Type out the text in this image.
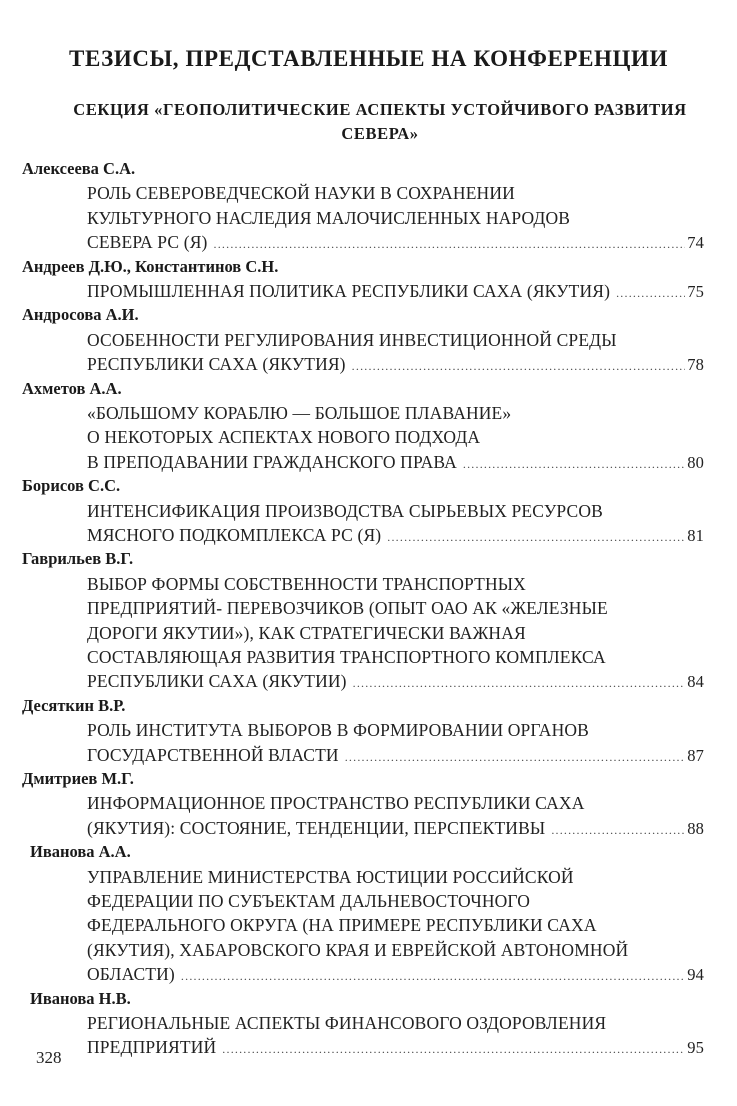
ТЕЗИСЫ, ПРЕДСТАВЛЕННЫЕ НА КОНФЕРЕНЦИИ
СЕКЦИЯ «ГЕОПОЛИТИЧЕСКИЕ АСПЕКТЫ УСТОЙЧИВОГО РАЗВИТИЯ СЕВЕРА»
Алексеева С.А.
РОЛЬ СЕВЕРОВЕДЧЕСКОЙ НАУКИ В СОХРАНЕНИИ
КУЛЬТУРНОГО НАСЛЕДИЯ МАЛОЧИСЛЕННЫХ НАРОДОВ
СЕВЕРА РС (Я) .....	74
Андреев Д.Ю., Константинов С.Н.
ПРОМЫШЛЕННАЯ ПОЛИТИКА РЕСПУБЛИКИ САХА (ЯКУТИЯ) .....	75
Андросова А.И.
ОСОБЕННОСТИ РЕГУЛИРОВАНИЯ ИНВЕСТИЦИОННОЙ СРЕДЫ
РЕСПУБЛИКИ САХА (ЯКУТИЯ) .....	78
Ахметов А.А.
«БОЛЬШОМУ КОРАБЛЮ — БОЛЬШОЕ ПЛАВАНИЕ»
О НЕКОТОРЫХ АСПЕКТАХ НОВОГО ПОДХОДА
В ПРЕПОДАВАНИИ ГРАЖДАНСКОГО ПРАВА .....	80
Борисов С.С.
ИНТЕНСИФИКАЦИЯ ПРОИЗВОДСТВА СЫРЬЕВЫХ РЕСУРСОВ
МЯСНОГО ПОДКОМПЛЕКСА РС (Я) .....	81
Гаврильев В.Г.
ВЫБОР ФОРМЫ СОБСТВЕННОСТИ ТРАНСПОРТНЫХ
ПРЕДПРИЯТИЙ- ПЕРЕВОЗЧИКОВ (ОПЫТ ОАО АК «ЖЕЛЕЗНЫЕ
ДОРОГИ ЯКУТИИ»), КАК СТРАТЕГИЧЕСКИ ВАЖНАЯ
СОСТАВЛЯЮЩАЯ РАЗВИТИЯ ТРАНСПОРТНОГО КОМПЛЕКСА
РЕСПУБЛИКИ САХА (ЯКУТИИ) .....	84
Десяткин В.Р.
РОЛЬ ИНСТИТУТА ВЫБОРОВ В ФОРМИРОВАНИИ ОРГАНОВ
ГОСУДАРСТВЕННОЙ ВЛАСТИ .....	87
Дмитриев М.Г.
ИНФОРМАЦИОННОЕ ПРОСТРАНСТВО РЕСПУБЛИКИ САХА
(ЯКУТИЯ): СОСТОЯНИЕ, ТЕНДЕНЦИИ, ПЕРСПЕКТИВЫ .....	88
Иванова А.А.
УПРАВЛЕНИЕ МИНИСТЕРСТВА ЮСТИЦИИ РОССИЙСКОЙ
ФЕДЕРАЦИИ ПО СУБЪЕКТАМ ДАЛЬНЕВОСТОЧНОГО
ФЕДЕРАЛЬНОГО ОКРУГА (НА ПРИМЕРЕ РЕСПУБЛИКИ САХА
(ЯКУТИЯ), ХАБАРОВСКОГО КРАЯ И ЕВРЕЙСКОЙ АВТОНОМНОЙ
ОБЛАСТИ) .....	94
Иванова Н.В.
РЕГИОНАЛЬНЫЕ АСПЕКТЫ ФИНАНСОВОГО ОЗДОРОВЛЕНИЯ
ПРЕДПРИЯТИЙ .....	95
328
